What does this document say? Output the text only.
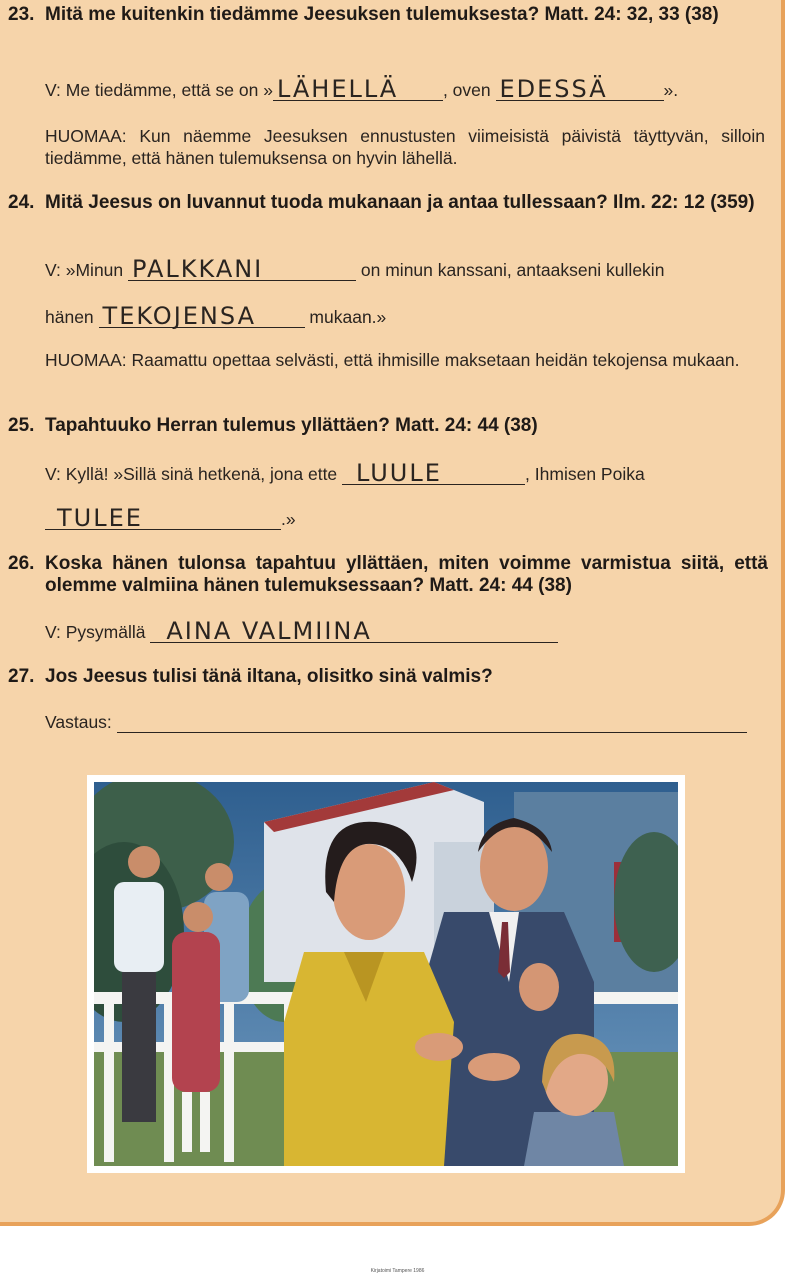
23. Mitä me kuitenkin tiedämme Jeesuksen tulemuksesta? Matt. 24: 32, 33 (38)
V: Me tiedämme, että se on » LÄHELLÄ	, oven EDESSÄ	».
HUOMAA: Kun näemme Jeesuksen ennustusten viimeisistä päivistä täyttyvän, silloin tiedämme, että hänen tulemuksensa on hyvin lähellä.
24. Mitä Jeesus on luvannut tuoda mukanaan ja antaa tullessaan? Ilm. 22: 12 (359)
V: »Minun PALKKANI	on minun kanssani, antaakseni kullekin
hänen TEKOJENSA	mukaan.»
HUOMAA: Raamattu opettaa selvästi, että ihmisille maksetaan heidän tekojensa mukaan.
25. Tapahtuuko Herran tulemus yllättäen? Matt. 24: 44 (38)
V: Kyllä! »Sillä sinä hetkenä, jona ette LUULE	, Ihmisen Poika
TULEE	.»
26. Koska hänen tulonsa tapahtuu yllättäen, miten voimme varmistua siitä, että olemme valmiina hänen tulemuksessaan? Matt. 24: 44 (38)
V: Pysymällä AINA VALMIINA
27. Jos Jeesus tulisi tänä iltana, olisitko sinä valmis?
Vastaus:
Kirjatoimi Tampere 1986
